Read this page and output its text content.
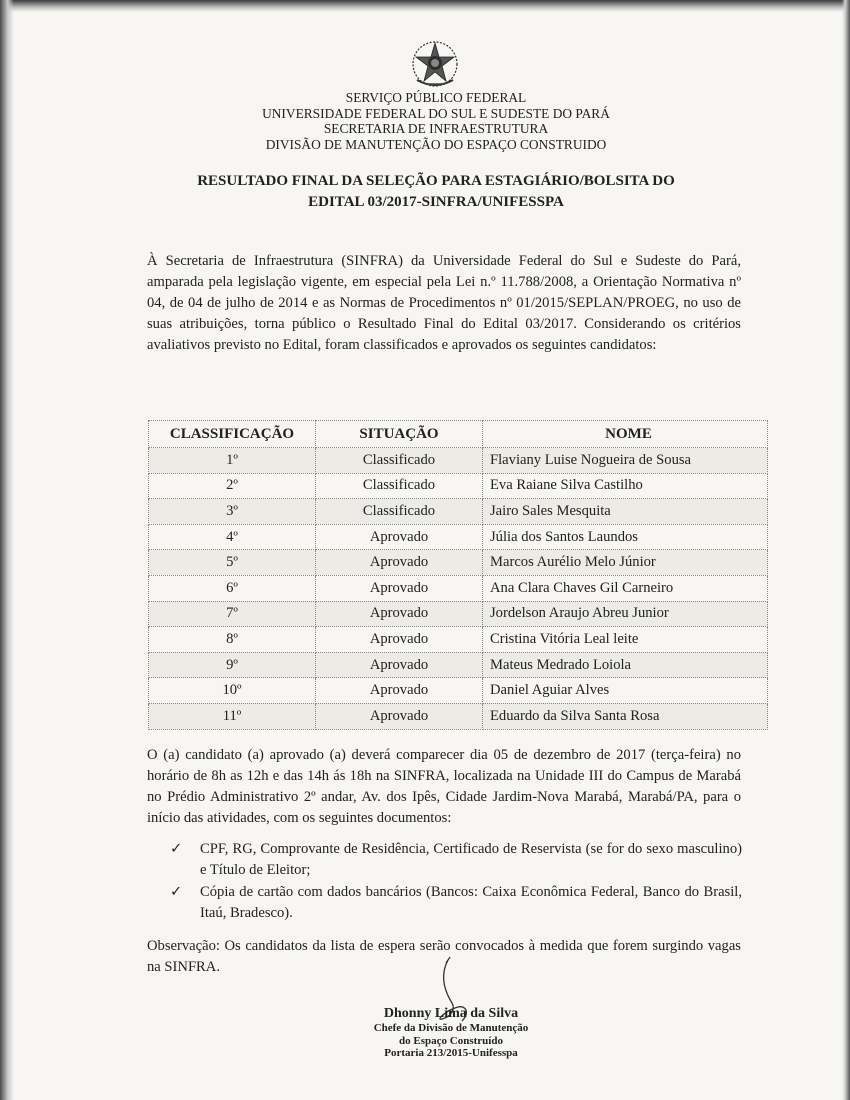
SERVIÇO PÚBLICO FEDERAL
UNIVERSIDADE FEDERAL DO SUL E SUDESTE DO PARÁ
SECRETARIA DE INFRAESTRUTURA
DIVISÃO DE MANUTENÇÃO DO ESPAÇO CONSTRUIDO
RESULTADO FINAL DA SELEÇÃO PARA ESTAGIÁRIO/BOLSITA DO
EDITAL 03/2017-SINFRA/UNIFESSPA
À Secretaria de Infraestrutura (SINFRA) da Universidade Federal do Sul e Sudeste do Pará, amparada pela legislação vigente, em especial pela Lei n.º 11.788/2008, a Orientação Normativa nº 04, de 04 de julho de 2014 e as Normas de Procedimentos nº 01/2015/SEPLAN/PROEG, no uso de suas atribuições, torna público o Resultado Final do Edital 03/2017. Considerando os critérios avaliativos previsto no Edital, foram classificados e aprovados os seguintes candidatos:
CLASSIFICAÇÃO	SITUAÇÃO	NOME
1º	Classificado	Flaviany Luise Nogueira de Sousa
2º	Classificado	Eva Raiane Silva Castilho
3º	Classificado	Jairo Sales Mesquita
4º	Aprovado	Júlia dos Santos Laundos
5º	Aprovado	Marcos Aurélio Melo Júnior
6º	Aprovado	Ana Clara Chaves Gil Carneiro
7º	Aprovado	Jordelson Araujo Abreu Junior
8º	Aprovado	Cristina Vitória Leal leite
9º	Aprovado	Mateus Medrado Loiola
10º	Aprovado	Daniel Aguiar Alves
11º	Aprovado	Eduardo da Silva Santa Rosa
O (a) candidato (a) aprovado (a) deverá comparecer dia 05 de dezembro de 2017 (terça-feira) no horário de 8h as 12h e das 14h ás 18h na SINFRA, localizada na Unidade III do Campus de Marabá no Prédio Administrativo 2º andar, Av. dos Ipês, Cidade Jardim-Nova Marabá, Marabá/PA, para o início das atividades, com os seguintes documentos:
✓	CPF, RG, Comprovante de Residência, Certificado de Reservista (se for do sexo masculino) e Título de Eleitor;
✓	Cópia de cartão com dados bancários (Bancos: Caixa Econômica Federal, Banco do Brasil, Itaú, Bradesco).
Observação: Os candidatos da lista de espera serão convocados à medida que forem surgindo vagas na SINFRA.
Dhonny Lima da Silva
Chefe da Divisão de Manutenção
do Espaço Construído
Portaria 213/2015-Unifesspa
